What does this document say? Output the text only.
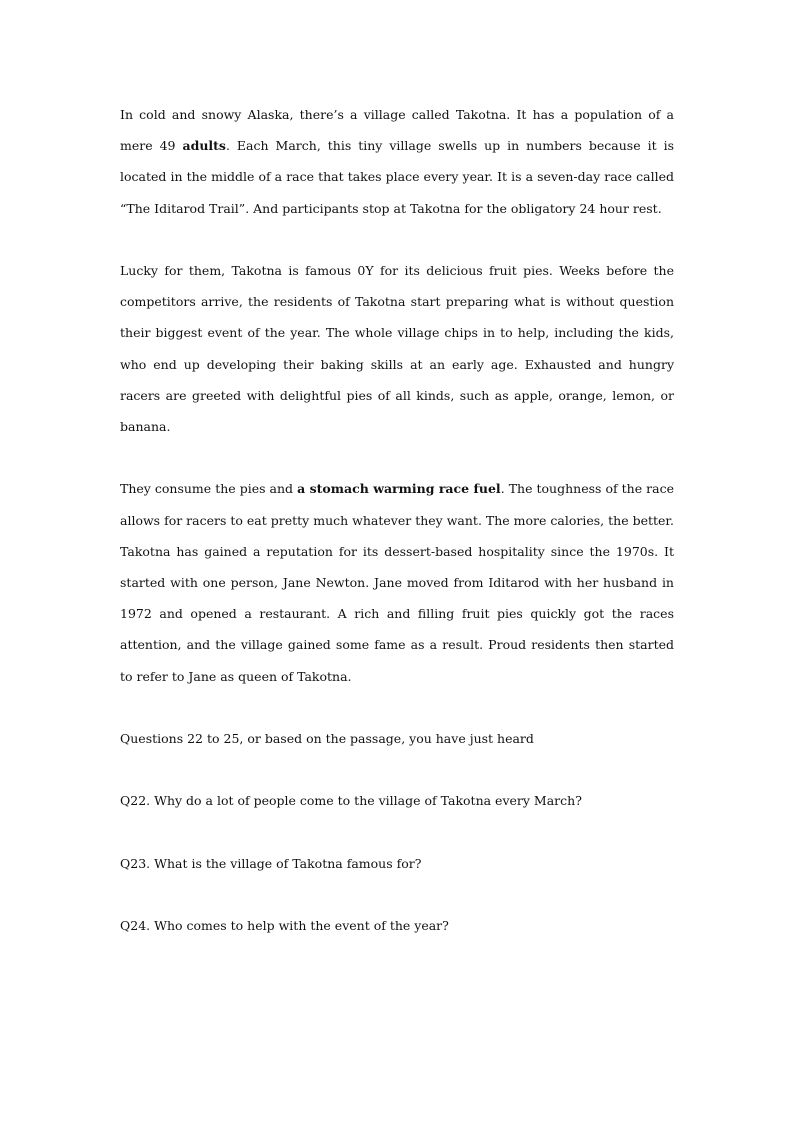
In cold and snowy Alaska, there’s a village called Takotna. It has a population of a mere 49 adults. Each March, this tiny village swells up in numbers because it is located in the middle of a race that takes place every year. It is a seven-day race called “The Iditarod Trail”. And participants stop at Takotna for the obligatory 24 hour rest.

Lucky for them, Takotna is famous 0Y for its delicious fruit pies. Weeks before the competitors arrive, the residents of Takotna start preparing what is without question their biggest event of the year. The whole village chips in to help, including the kids, who end up developing their baking skills at an early age. Exhausted and hungry racers are greeted with delightful pies of all kinds, such as apple, orange, lemon, or banana.

They consume the pies and a stomach warming race fuel. The toughness of the race allows for racers to eat pretty much whatever they want. The more calories, the better. Takotna has gained a reputation for its dessert-based hospitality since the 1970s. It started with one person, Jane Newton. Jane moved from Iditarod with her husband in 1972 and opened a restaurant. A rich and filling fruit pies quickly got the races attention, and the village gained some fame as a result. Proud residents then started to refer to Jane as queen of Takotna.

Questions 22 to 25, or based on the passage, you have just heard

Q22. Why do a lot of people come to the village of Takotna every March?

Q23. What is the village of Takotna famous for?

Q24. Who comes to help with the event of the year?
